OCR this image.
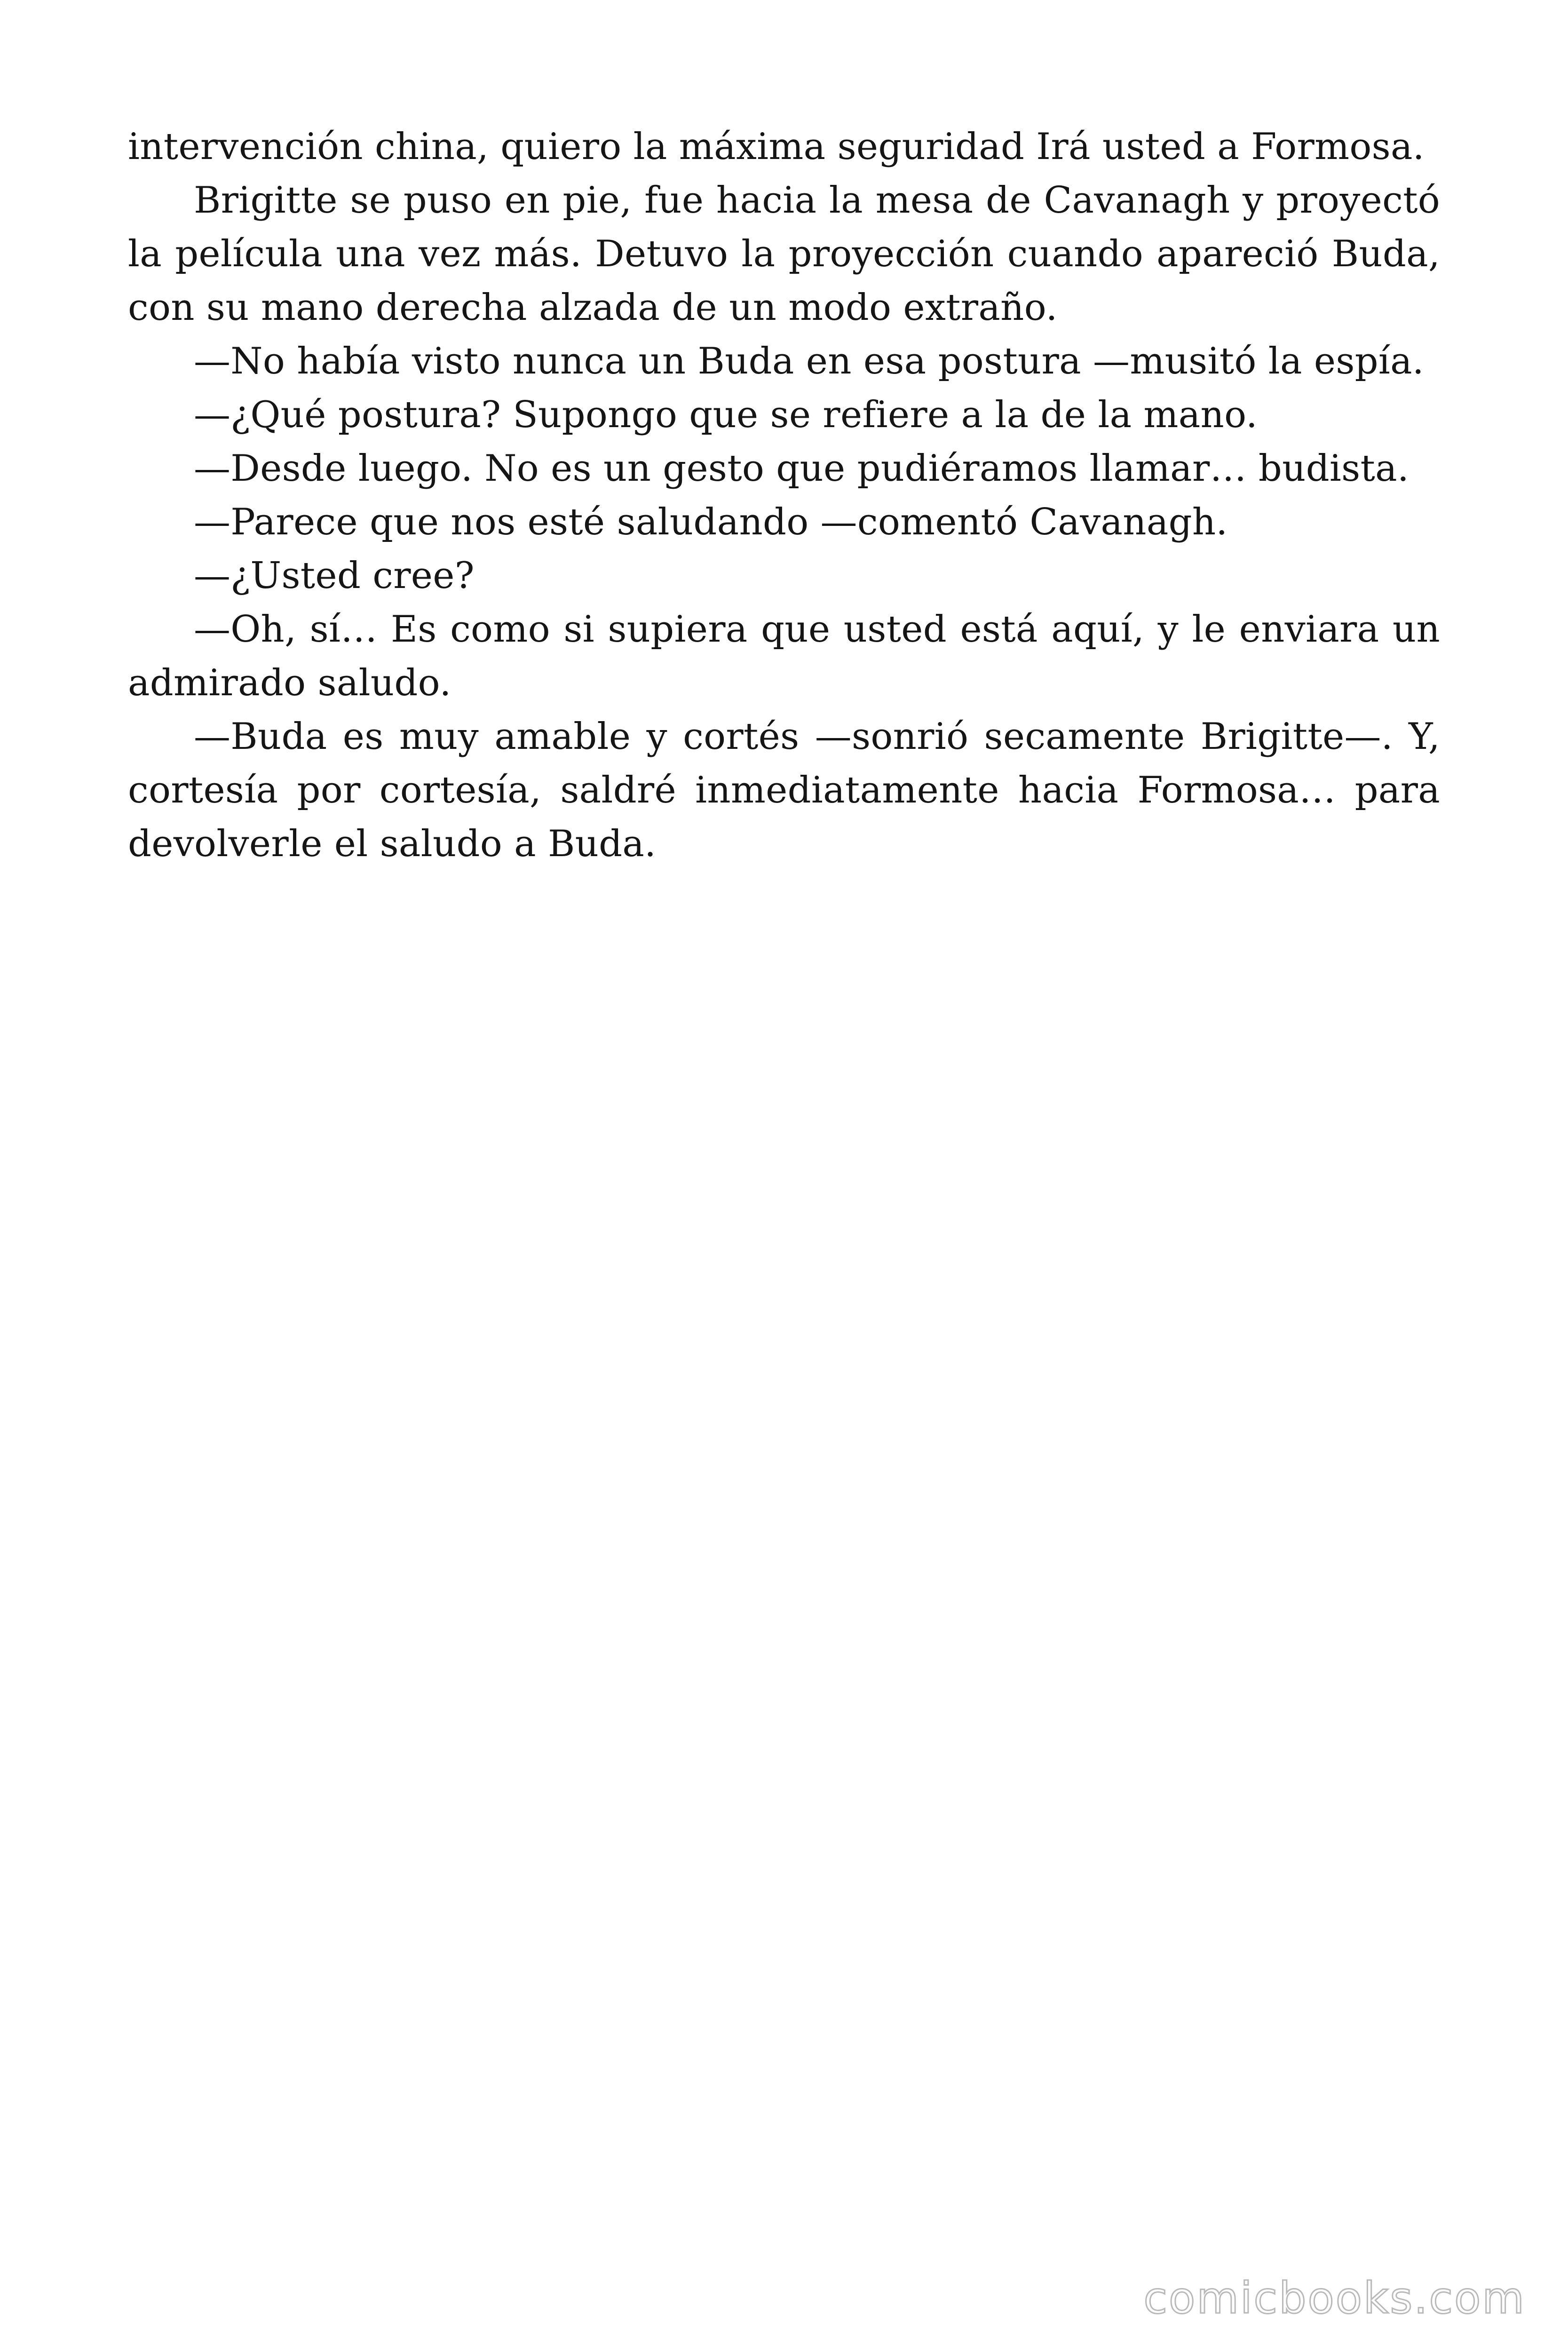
intervención china, quiero la máxima seguridad Irá usted a Formosa.

Brigitte se puso en pie, fue hacia la mesa de Cavanagh y proyectó la película una vez más. Detuvo la proyección cuando apareció Buda, con su mano derecha alzada de un modo extraño.

—No había visto nunca un Buda en esa postura —musitó la espía.

—¿Qué postura? Supongo que se refiere a la de la mano.

—Desde luego. No es un gesto que pudiéramos llamar… budista.

—Parece que nos esté saludando —comentó Cavanagh.

—¿Usted cree?

—Oh, sí… Es como si supiera que usted está aquí, y le enviara un admirado saludo.

—Buda es muy amable y cortés —sonrió secamente Brigitte—. Y, cortesía por cortesía, saldré inmediatamente hacia Formosa… para devolverle el saludo a Buda.

comicbooks.com
